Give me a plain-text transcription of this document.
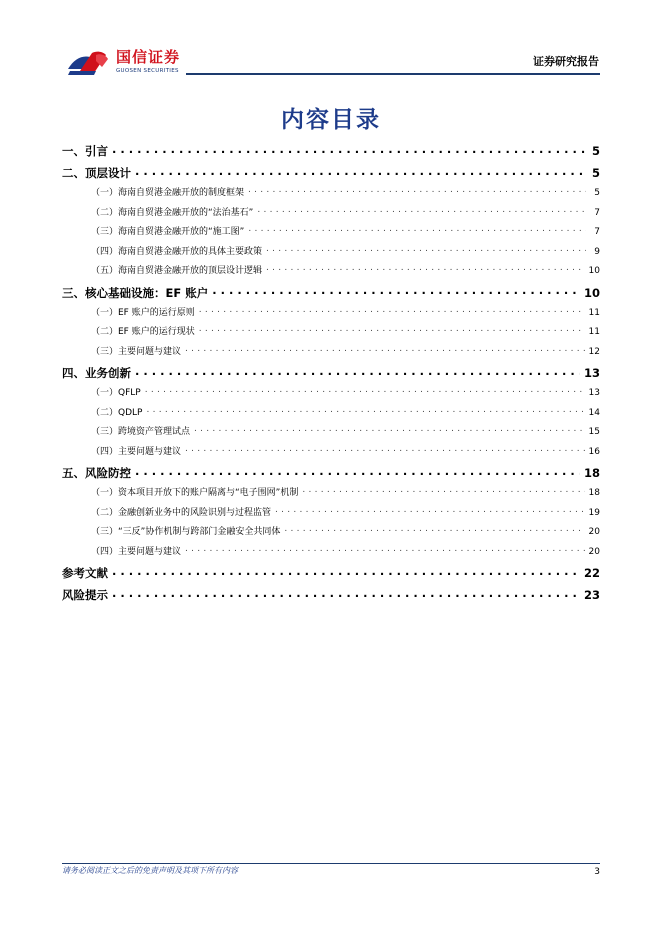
国信证券
GUOSEN SECURITIES
证券研究报告
内容目录
一、引言 . . .	5
二、顶层设计 . . .	5
（一）海南自贸港金融开放的制度框架 . . .	5
（二）海南自贸港金融开放的“法治基石” . . .	7
（三）海南自贸港金融开放的“施工图” . . .	7
（四）海南自贸港金融开放的具体主要政策 . . .	9
（五）海南自贸港金融开放的顶层设计逻辑 . . .	10
三、核心基础设施：EF 账户 . . .	10
（一）EF 账户的运行原则 . . .	11
（二）EF 账户的运行现状 . . .	11
（三）主要问题与建议 . . .	12
四、业务创新 . . .	13
（一）QFLP . . .	13
（二）QDLP . . .	14
（三）跨境资产管理试点 . . .	15
（四）主要问题与建议 . . .	16
五、风险防控 . . .	18
（一）资本项目开放下的账户隔离与“电子围网”机制 . . .	18
（二）金融创新业务中的风险识别与过程监管 . . .	19
（三）“三反”协作机制与跨部门金融安全共同体 . . .	20
（四）主要问题与建议 . . .	20
参考文献 . . .	22
风险提示 . . .	23
请务必阅读正文之后的免责声明及其项下所有内容	3
